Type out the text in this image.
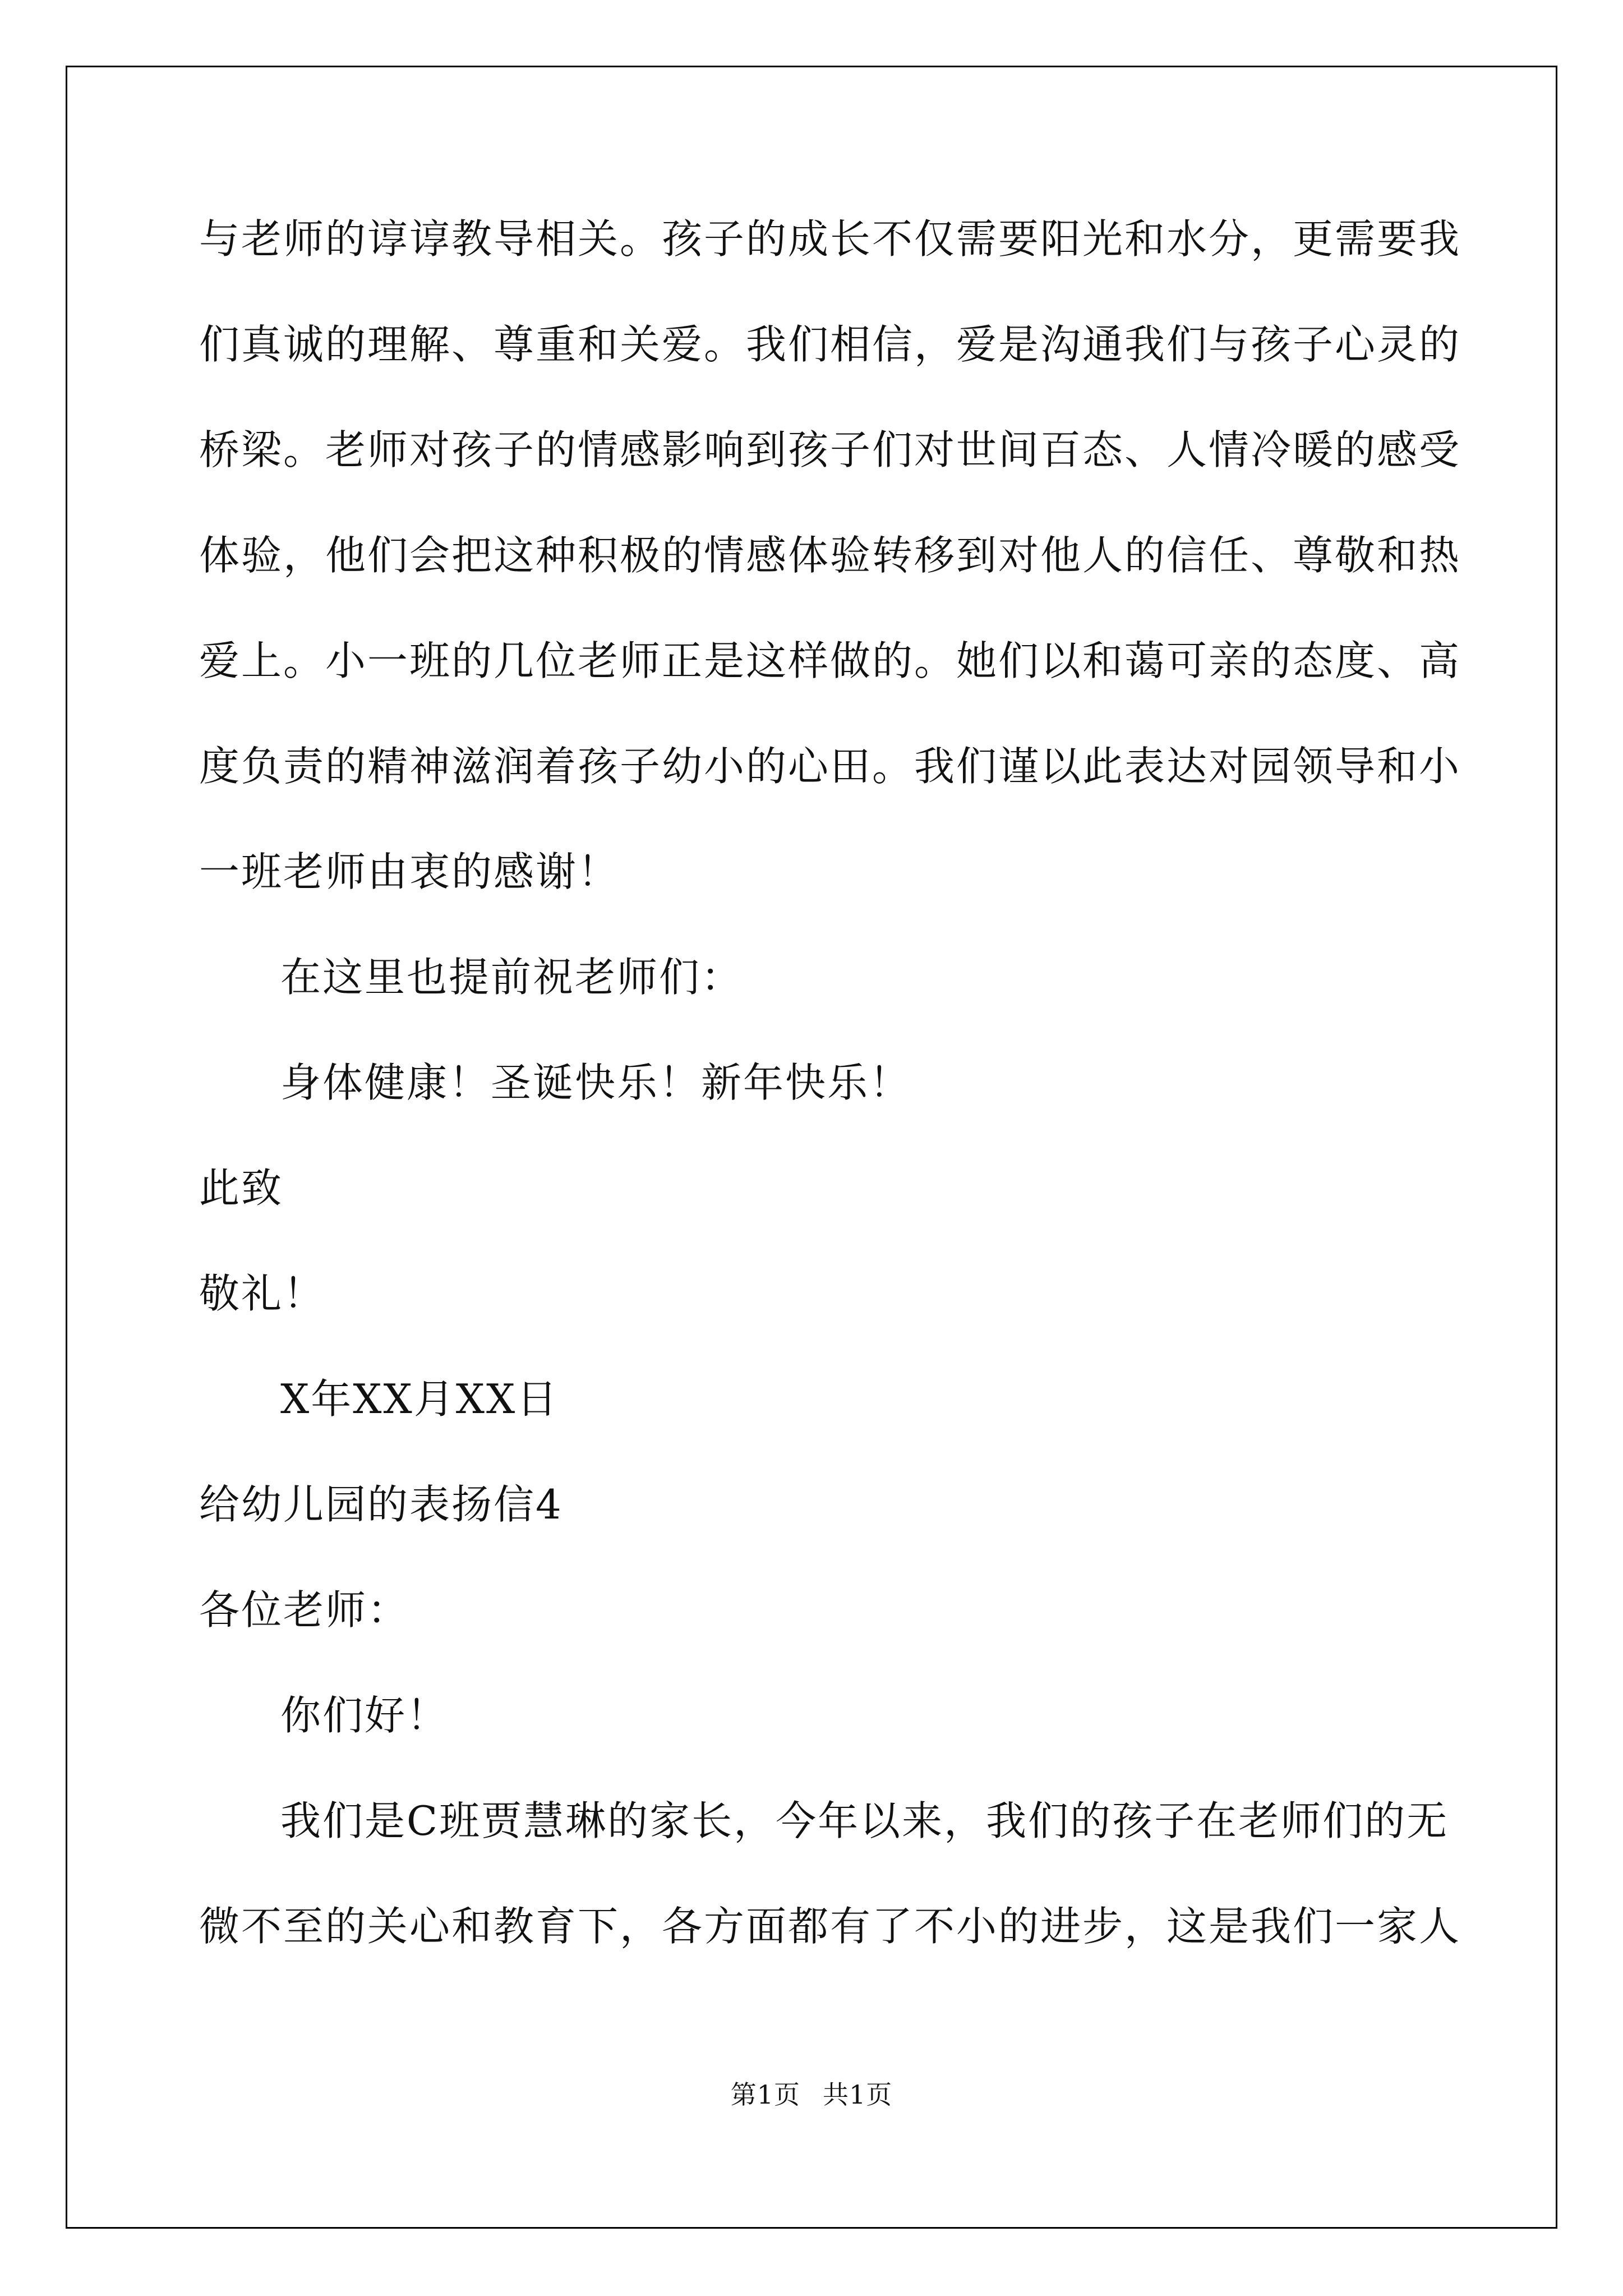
与老师的谆谆教导相关。孩子的成长不仅需要阳光和水分，更需要我
们真诚的理解、尊重和关爱。我们相信，爱是沟通我们与孩子心灵的
桥梁。老师对孩子的情感影响到孩子们对世间百态、人情冷暖的感受
体验，他们会把这种积极的情感体验转移到对他人的信任、尊敬和热
爱上。小一班的几位老师正是这样做的。她们以和蔼可亲的态度、高
度负责的精神滋润着孩子幼小的心田。我们谨以此表达对园领导和小
一班老师由衷的感谢！
在这里也提前祝老师们：
身体健康！圣诞快乐！新年快乐！
此致
敬礼！
X年XX月XX日
给幼儿园的表扬信4
各位老师：
你们好！
我们是C班贾慧琳的家长，今年以来，我们的孩子在老师们的无
微不至的关心和教育下，各方面都有了不小的进步，这是我们一家人
第1页 共1页
